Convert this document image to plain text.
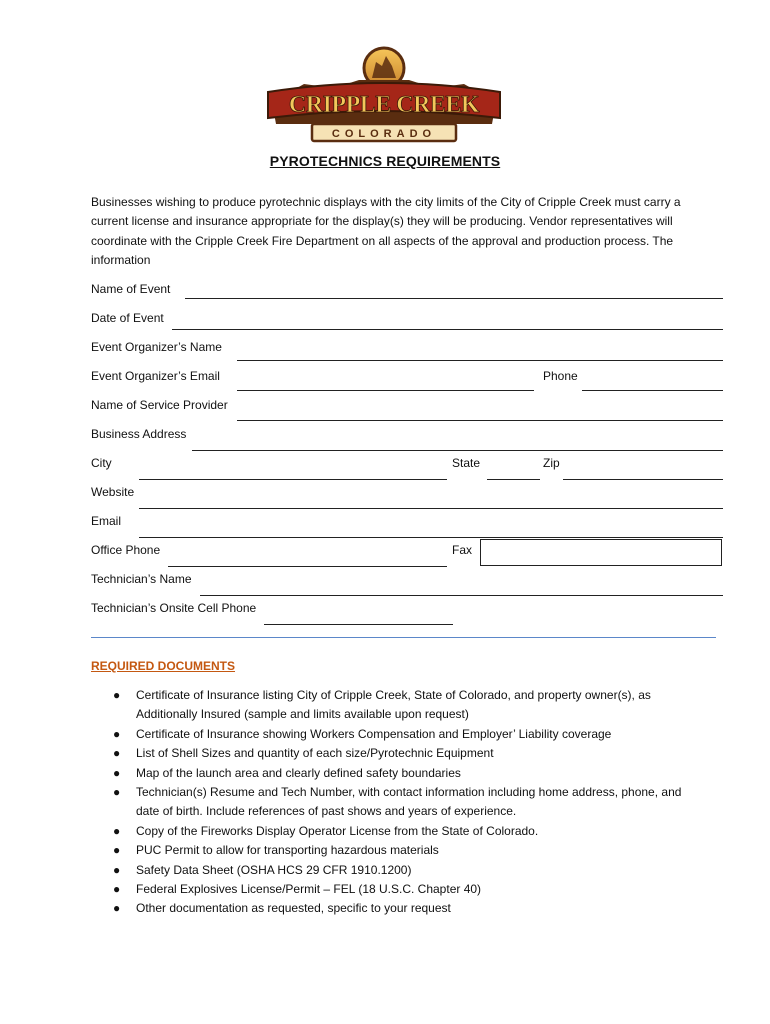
CRIPPLE CREEK
COLORADO
PYROTECHNICS REQUIREMENTS
Businesses wishing to produce pyrotechnic displays with the city limits of the City of Cripple Creek must carry a current license and insurance appropriate for the display(s) they will be producing. Vendor representatives will coordinate with the Cripple Creek Fire Department on all aspects of the approval and production process. The information
Name of Event
Date of Event
Event Organizer’s Name
Event Organizer’s Email	Phone
Name of Service Provider
Business Address
City	State	Zip
Website
Email
Office Phone	Fax
Technician’s Name
Technician’s Onsite Cell Phone
REQUIRED DOCUMENTS
● Certificate of Insurance listing City of Cripple Creek, State of Colorado, and property owner(s), as Additionally Insured (sample and limits available upon request)
● Certificate of Insurance showing Workers Compensation and Employer’ Liability coverage
● List of Shell Sizes and quantity of each size/Pyrotechnic Equipment
● Map of the launch area and clearly defined safety boundaries
● Technician(s) Resume and Tech Number, with contact information including home address, phone, and date of birth. Include references of past shows and years of experience.
● Copy of the Fireworks Display Operator License from the State of Colorado.
● PUC Permit to allow for transporting hazardous materials
● Safety Data Sheet (OSHA HCS 29 CFR 1910.1200)
● Federal Explosives License/Permit – FEL (18 U.S.C. Chapter 40)
● Other documentation as requested, specific to your request
